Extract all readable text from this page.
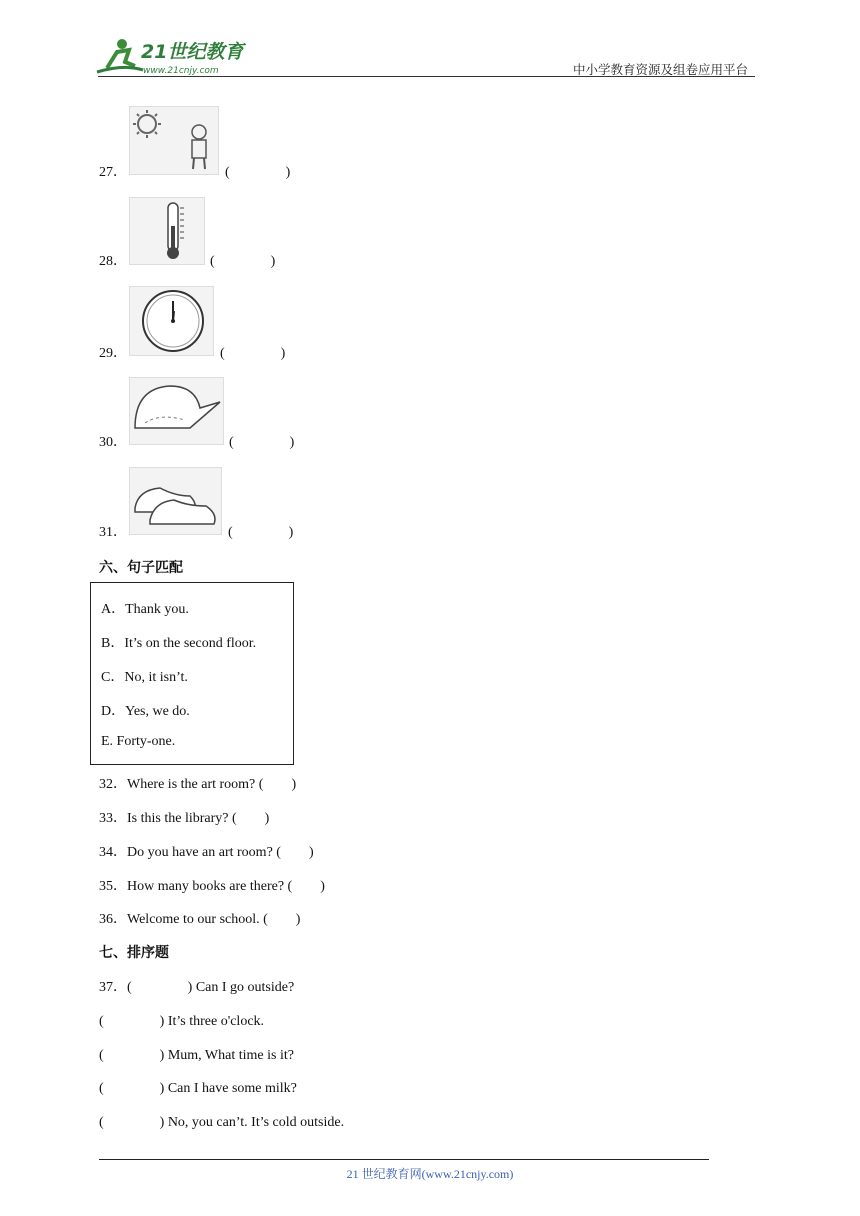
21世纪教育
www.21cnjy.com	中小学教育资源及组卷应用平台
27．	(　　　　)
28．	(　　　　)
29．	(　　　　)
30．	(　　　　)
31．	(　　　　)
六、句子匹配
A．Thank you.
B．It’s on the second floor.
C．No, it isn’t.
D．Yes, we do.
E. Forty-one.
32．Where is the art room? (　　)
33．Is this the library? (　　)
34．Do you have an art room? (　　)
35．How many books are there? (　　)
36．Welcome to our school. (　　)
七、排序题
37．(　　　　) Can I go outside?
(　　　　) It’s three o'clock.
(　　　　) Mum, What time is it?
(　　　　) Can I have some milk?
(　　　　) No, you can’t. It’s cold outside.
21 世纪教育网(www.21cnjy.com)
